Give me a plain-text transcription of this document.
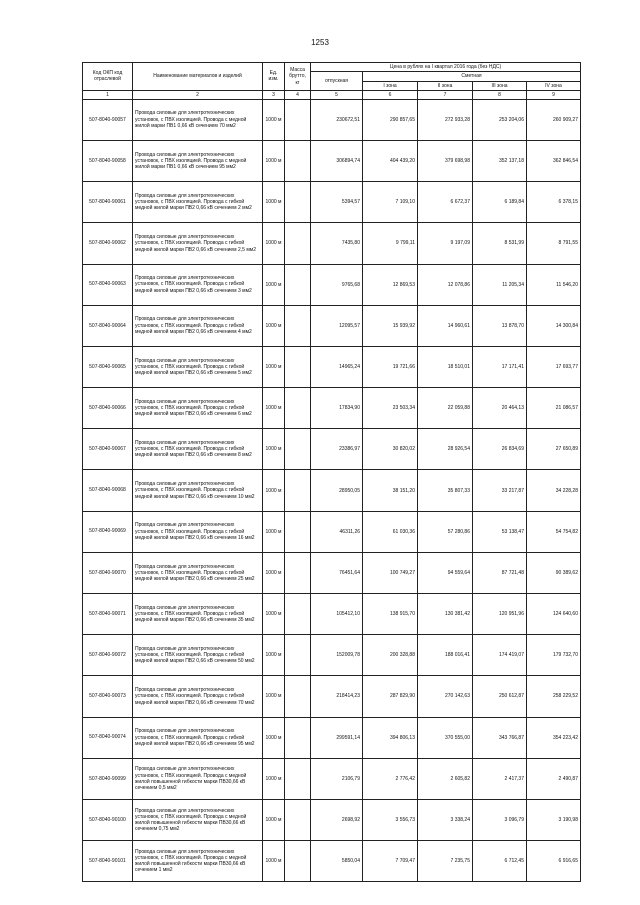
1253
Код ОКП код отраслевой	Наименование материалов и изделий	Ед. изм.	Масса брутто, кг	Цена в рублях на I квартал 2016 года (без НДС)				
				отпускная	Сметная			
					I зона	II зона	III зона	IV зона
1	2	3	4	5	6	7	8	9
507-8040-90057	Провода силовые для электротехнических установок, с ПВХ изоляцией. Провода с медной жилой марки ПВ1 0,66 кВ сечением 70 мм2	1000 м		230672,51	290 857,65	272 933,28	253 204,06	260 909,27
507-8040-90058	Провода силовые для электротехнических установок, с ПВХ изоляцией. Провода с медной жилой марки ПВ1 0,66 кВ сечением 95 мм2	1000 м		306894,74	404 439,20	379 698,98	352 137,18	362 846,54
507-8040-90061	Провода силовые для электротехнических установок, с ПВХ изоляцией. Провода с гибкой медной жилой марки ПВ2 0,66 кВ сечением 2 мм2	1000 м		5394,57	7 109,10	6 672,37	6 189,84	6 378,15
507-8040-90062	Провода силовые для электротехнических установок, с ПВХ изоляцией. Провода с гибкой медной жилой марки ПВ2 0,66 кВ сечением 2,5 мм2	1000 м		7435,80	9 799,11	9 197,09	8 531,99	8 791,55
507-8040-90063	Провода силовые для электротехнических установок, с ПВХ изоляцией. Провода с гибкой медной жилой марки ПВ2 0,66 кВ сечением 3 мм2	1000 м		9765,68	12 869,53	12 078,86	11 205,34	11 546,20
507-8040-90064	Провода силовые для электротехнических установок, с ПВХ изоляцией. Провода с гибкой медной жилой марки ПВ2 0,66 кВ сечением 4 мм2	1000 м		12095,57	15 939,92	14 960,61	13 878,70	14 300,84
507-8040-90065	Провода силовые для электротехнических установок, с ПВХ изоляцией. Провода с гибкой медной жилой марки ПВ2 0,66 кВ сечением 5 мм2	1000 м		14965,24	19 721,66	18 510,01	17 171,41	17 693,77
507-8040-90066	Провода силовые для электротехнических установок, с ПВХ изоляцией. Провода с гибкой медной жилой марки ПВ2 0,66 кВ сечением 6 мм2	1000 м		17834,90	23 503,34	22 059,88	20 464,13	21 086,57
507-8040-90067	Провода силовые для электротехнических установок, с ПВХ изоляцией. Провода с гибкой медной жилой марки ПВ2 0,66 кВ сечением 8 мм2	1000 м		23386,97	30 820,02	28 926,54	26 834,69	27 650,89
507-8040-90068	Провода силовые для электротехнических установок, с ПВХ изоляцией. Провода с гибкой медной жилой марки ПВ2 0,66 кВ сечением 10 мм2	1000 м		28950,05	38 151,20	35 807,33	33 217,87	34 228,28
507-8040-90069	Провода силовые для электротехнических установок, с ПВХ изоляцией. Провода с гибкой медной жилой марки ПВ2 0,66 кВ сечением 16 мм2	1000 м		46311,26	61 030,36	57 280,86	53 138,47	54 754,82
507-8040-90070	Провода силовые для электротехнических установок, с ПВХ изоляцией. Провода с гибкой медной жилой марки ПВ2 0,66 кВ сечением 25 мм2	1000 м		76451,64	100 749,27	94 559,64	87 721,48	90 389,62
507-8040-90071	Провода силовые для электротехнических установок, с ПВХ изоляцией. Провода с гибкой медной жилой марки ПВ2 0,66 кВ сечением 35 мм2	1000 м		105412,10	138 915,70	130 381,42	120 951,96	124 640,60
507-8040-90072	Провода силовые для электротехнических установок, с ПВХ изоляцией. Провода с гибкой медной жилой марки ПВ2 0,66 кВ сечением 50 мм2	1000 м		152009,78	200 328,88	188 016,41	174 419,07	179 732,70
507-8040-90073	Провода силовые для электротехнических установок, с ПВХ изоляцией. Провода с гибкой медной жилой марки ПВ2 0,66 кВ сечением 70 мм2	1000 м		218414,23	287 829,90	270 142,63	250 612,87	258 229,52
507-8040-90074	Провода силовые для электротехнических установок, с ПВХ изоляцией. Провода с гибкой медной жилой марки ПВ2 0,66 кВ сечением 95 мм2	1000 м		299591,14	394 806,13	370 555,00	343 766,87	354 223,42
507-8040-90099	Провода силовые для электротехнических установок, с ПВХ изоляцией. Провода с медной жилой повышенной гибкости марки ПВ30,66 кВ сечением 0,5 мм2	1000 м		2106,79	2 776,42	2 605,82	2 417,37	2 490,87
507-8040-90100	Провода силовые для электротехнических установок, с ПВХ изоляцией. Провода с медной жилой повышенной гибкости марки ПВ30,66 кВ сечением 0,75 мм2	1000 м		2698,92	3 556,73	3 338,24	3 096,79	3 190,98
507-8040-90101	Провода силовые для электротехнических установок, с ПВХ изоляцией. Провода с медной жилой повышенной гибкости марки ПВ30,66 кВ сечением 1 мм2	1000 м		5850,04	7 709,47	7 235,75	6 712,45	6 916,65
